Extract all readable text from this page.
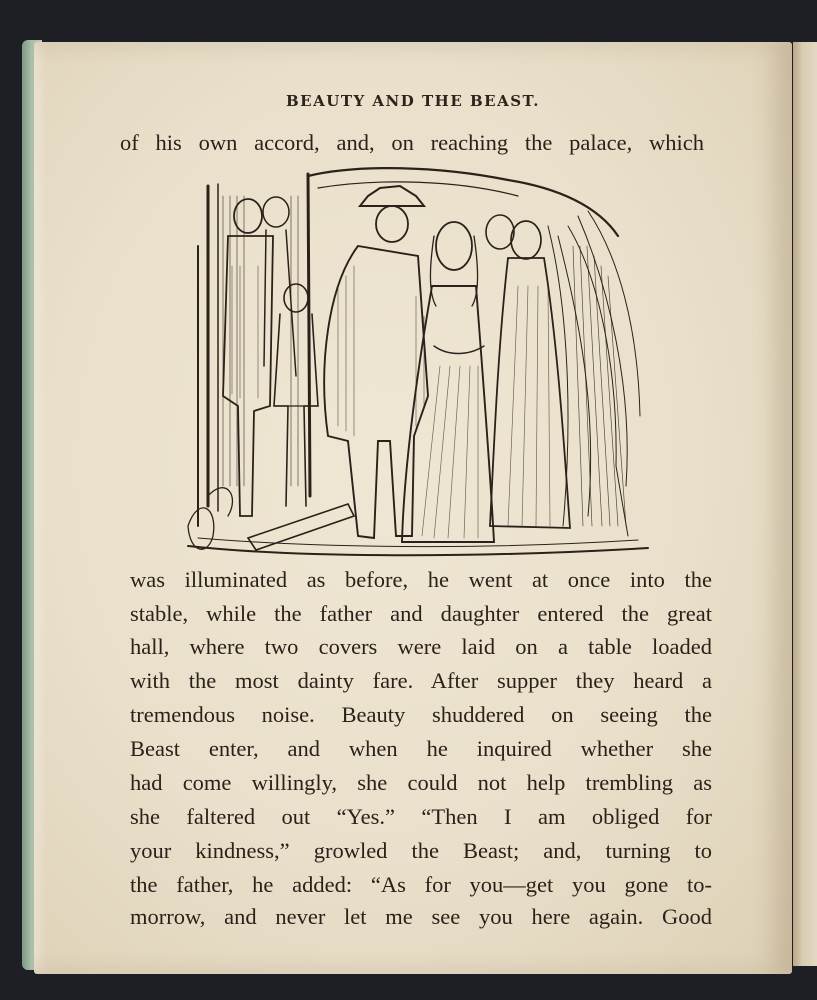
BEAUTY AND THE BEAST.

of his own accord, and, on reaching the palace, which

was illuminated as before, he went at once into the

stable, while the father and daughter entered the great

hall, where two covers were laid on a table loaded

with the most dainty fare. After supper they heard a

tremendous noise. Beauty shuddered on seeing the

Beast enter, and when he inquired whether she

had come willingly, she could not help trembling as

she faltered out “Yes.” “Then I am obliged for

your kindness,” growled the Beast; and, turning to

the father, he added: “As for you—get you gone to-

morrow, and never let me see you here again. Good
